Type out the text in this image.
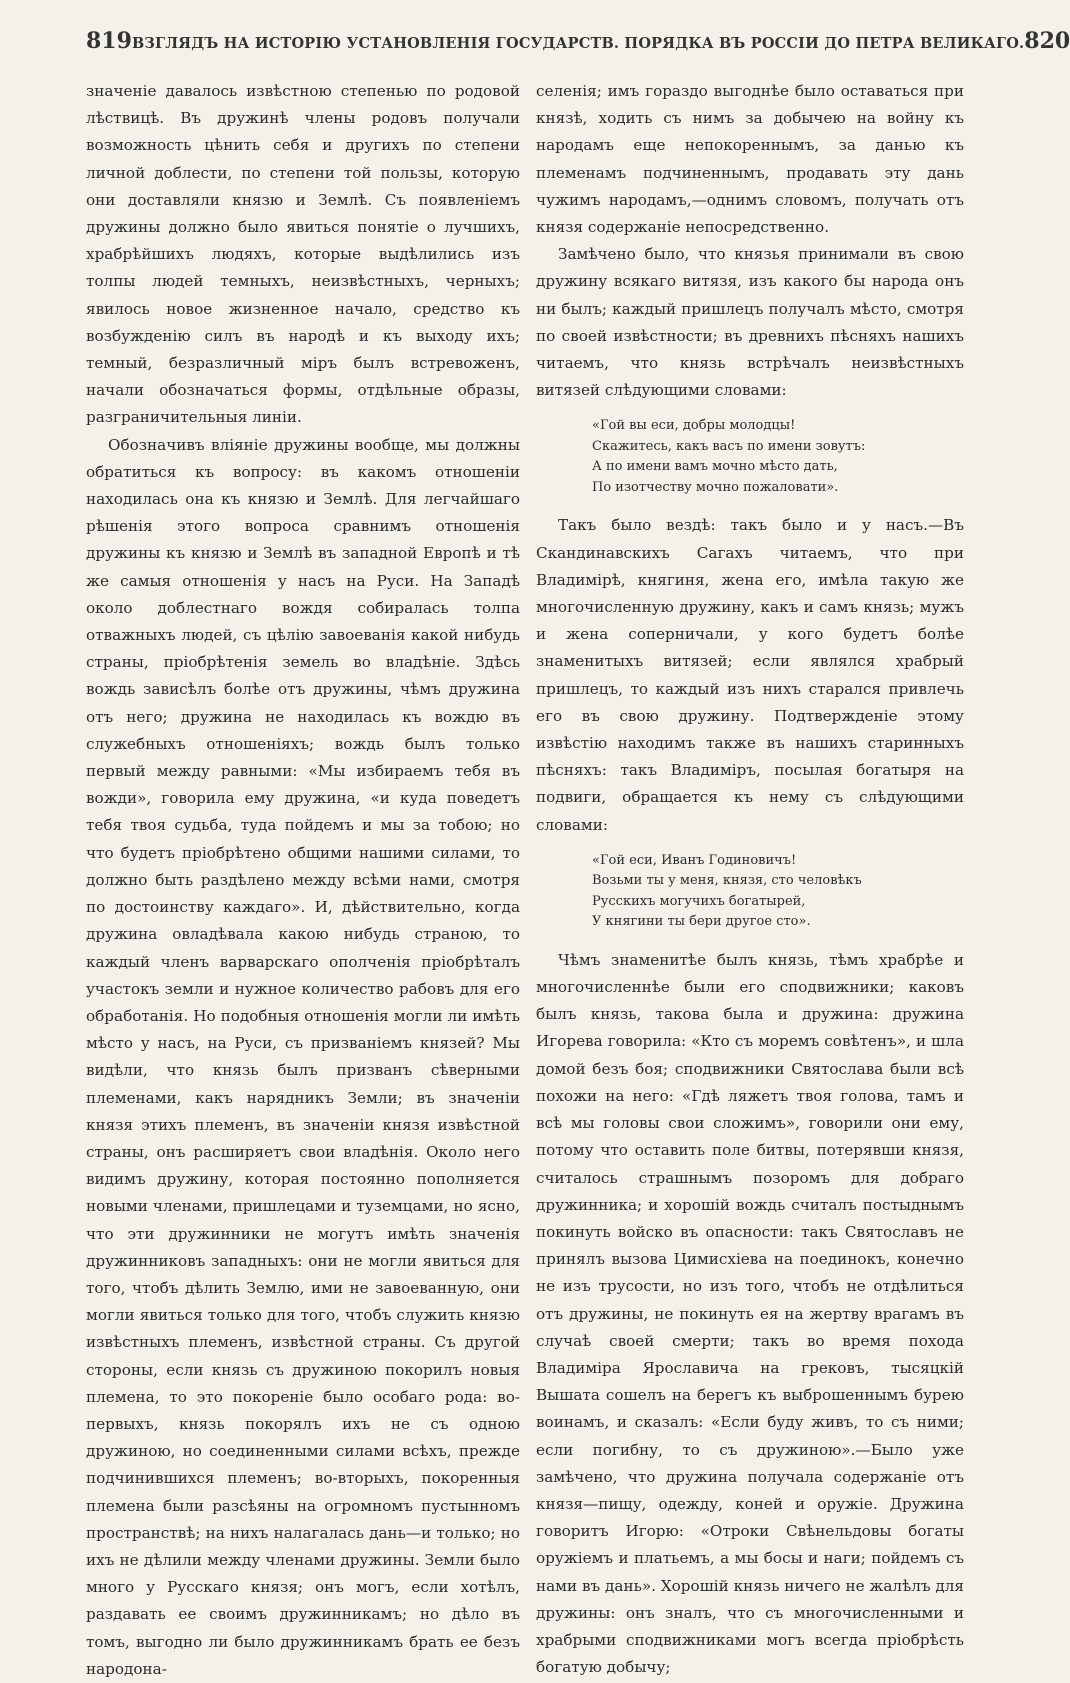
819 ВЗГЛЯДЪ НА ИСТОРІЮ УСТАНОВЛЕНІЯ ГОСУДАРСТВ. ПОРЯДКА ВЪ РОССІИ ДО ПЕТРА ВЕЛИКАГО. 820

значеніе давалось извѣстною степенью по родовой лѣствицѣ. Въ дружинѣ члены родовъ получали возможность цѣнить себя и другихъ по степени личной доблести, по степени той пользы, которую они доставляли князю и Землѣ. Съ появленіемъ дружины должно было явиться понятіе о лучшихъ, храбрѣйшихъ людяхъ, которые выдѣлились изъ толпы людей темныхъ, неизвѣстныхъ, черныхъ; явилось новое жизненное начало, средство къ возбужденію силъ въ народѣ и къ выходу ихъ; темный, безразличный міръ былъ встревоженъ, начали обозначаться формы, отдѣльные образы, разграничительныя линіи.

Обозначивъ вліяніе дружины вообще, мы должны обратиться къ вопросу: въ какомъ отношеніи находилась она къ князю и Землѣ. Для легчайшаго рѣшенія этого вопроса сравнимъ отношенія дружины къ князю и Землѣ въ западной Европѣ и тѣ же самыя отношенія у насъ на Руси. На Западѣ около доблестнаго вождя собиралась толпа отважныхъ людей, съ цѣлію завоеванія какой нибудь страны, пріобрѣтенія земель во владѣніе. Здѣсь вождь зависѣлъ болѣе отъ дружины, чѣмъ дружина отъ него; дружина не находилась къ вождю въ служебныхъ отношеніяхъ; вождь былъ только первый между равными: «Мы избираемъ тебя въ вожди», говорила ему дружина, «и куда поведетъ тебя твоя судьба, туда пойдемъ и мы за тобою; но что будетъ пріобрѣтено общими нашими силами, то должно быть раздѣлено между всѣми нами, смотря по достоинству каждаго». И, дѣйствительно, когда дружина овладѣвала какою нибудь страною, то каждый членъ варварскаго ополченія пріобрѣталъ участокъ земли и нужное количество рабовъ для его обработанія. Но подобныя отношенія могли ли имѣть мѣсто у насъ, на Руси, съ призваніемъ князей? Мы видѣли, что князь былъ призванъ сѣверными племенами, какъ нарядникъ Земли; въ значеніи князя этихъ племенъ, въ значеніи князя извѣстной страны, онъ расширяетъ свои владѣнія. Около него видимъ дружину, которая постоянно пополняется новыми членами, пришлецами и туземцами, но ясно, что эти дружинники не могутъ имѣть значенія дружинниковъ западныхъ: они не могли явиться для того, чтобъ дѣлить Землю, ими не завоеванную, они могли явиться только для того, чтобъ служить князю извѣстныхъ племенъ, извѣстной страны. Съ другой стороны, если князь съ дружиною покорилъ новыя племена, то это покореніе было особаго рода: во-первыхъ, князь покорялъ ихъ не съ одною дружиною, но соединенными силами всѣхъ, прежде подчинившихся племенъ; во-вторыхъ, покоренныя племена были разсѣяны на огромномъ пустынномъ пространствѣ; на нихъ налагалась дань—и только; но ихъ не дѣлили между членами дружины. Земли было много у Русскаго князя; онъ могъ, если хотѣлъ, раздавать ее своимъ дружинникамъ; но дѣло въ томъ, выгодно ли было дружинникамъ брать ее безъ народона-

селенія; имъ гораздо выгоднѣе было оставаться при князѣ, ходить съ нимъ за добычею на войну къ народамъ еще непокореннымъ, за данью къ племенамъ подчиненнымъ, продавать эту дань чужимъ народамъ,—однимъ словомъ, получать отъ князя содержаніе непосредственно.

Замѣчено было, что князья принимали въ свою дружину всякаго витязя, изъ какого бы народа онъ ни былъ; каждый пришлецъ получалъ мѣсто, смотря по своей извѣстности; въ древнихъ пѣсняхъ нашихъ читаемъ, что князь встрѣчалъ неизвѣстныхъ витязей слѣдующими словами:

«Гой вы еси, добры молодцы!
Скажитесь, какъ васъ по имени зовутъ:
А по имени вамъ мочно мѣсто дать,
По изотчеству мочно пожаловати».

Такъ было вездѣ: такъ было и у насъ.—Въ Скандинавскихъ Сагахъ читаемъ, что при Владимірѣ, княгиня, жена его, имѣла такую же многочисленную дружину, какъ и самъ князь; мужъ и жена соперничали, у кого будетъ болѣе знаменитыхъ витязей; если являлся храбрый пришлецъ, то каждый изъ нихъ старался привлечь его въ свою дружину. Подтвержденіе этому извѣстію находимъ также въ нашихъ старинныхъ пѣсняхъ: такъ Владиміръ, посылая богатыря на подвиги, обращается къ нему съ слѣдующими словами:

«Гой еси, Иванъ Годиновичъ!
Возьми ты у меня, князя, сто человѣкъ
Русскихъ могучихъ богатырей,
У княгини ты бери другое сто».

Чѣмъ знаменитѣе былъ князь, тѣмъ храбрѣе и многочисленнѣе были его сподвижники; каковъ былъ князь, такова была и дружина: дружина Игорева говорила: «Кто съ моремъ совѣтенъ», и шла домой безъ боя; сподвижники Святослава были всѣ похожи на него: «Гдѣ ляжетъ твоя голова, тамъ и всѣ мы головы свои сложимъ», говорили они ему, потому что оставить поле битвы, потерявши князя, считалось страшнымъ позоромъ для добраго дружинника; и хорошій вождь считалъ постыднымъ покинуть войско въ опасности: такъ Святославъ не принялъ вызова Цимисхіева на поединокъ, конечно не изъ трусости, но изъ того, чтобъ не отдѣлиться отъ дружины, не покинуть ея на жертву врагамъ въ случаѣ своей смерти; такъ во время похода Владиміра Ярославича на грековъ, тысяцкій Вышата сошелъ на берегъ къ выброшеннымъ бурею воинамъ, и сказалъ: «Если буду живъ, то съ ними; если погибну, то съ дружиною».—Было уже замѣчено, что дружина получала содержаніе отъ князя—пищу, одежду, коней и оружіе. Дружина говоритъ Игорю: «Отроки Свѣнельдовы богаты оружіемъ и платьемъ, а мы босы и наги; пойдемъ съ нами въ дань». Хорошій князь ничего не жалѣлъ для дружины: онъ зналъ, что съ многочисленными и храбрыми сподвижниками могъ всегда пріобрѣсть богатую добычу;
